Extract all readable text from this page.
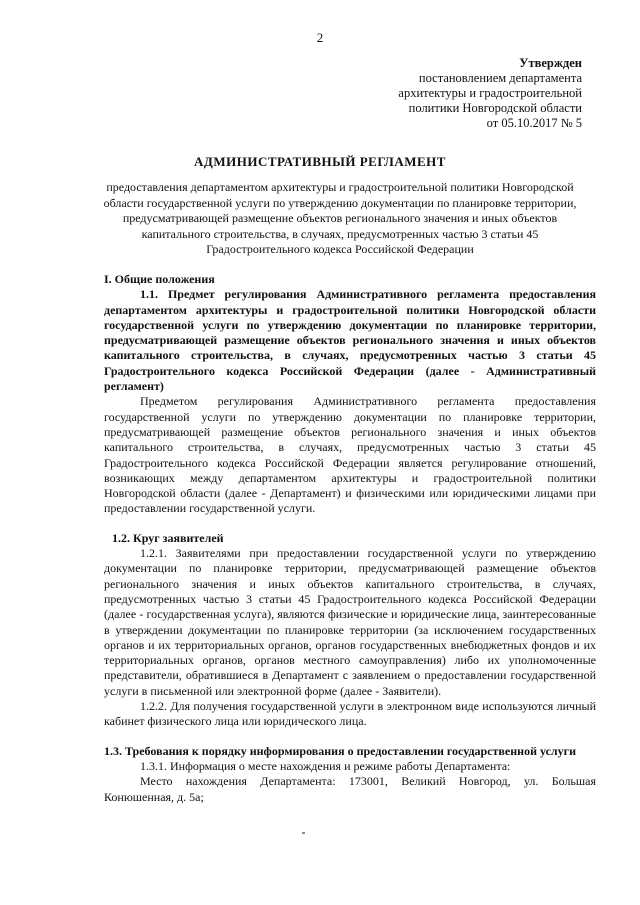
2
Утвержден
постановлением департамента
архитектуры и градостроительной
политики Новгородской области
от 05.10.2017 № 5
АДМИНИСТРАТИВНЫЙ РЕГЛАМЕНТ
предоставления департаментом архитектуры и градостроительной политики Новгородской области государственной услуги по утверждению документации по планировке территории, предусматривающей размещение объектов регионального значения и иных объектов капитального строительства, в случаях, предусмотренных частью 3 статьи 45 Градостроительного кодекса Российской Федерации

I. Общие положения

1.1. Предмет регулирования Административного регламента предоставления департаментом архитектуры и градостроительной политики Новгородской области государственной услуги по утверждению документации по планировке территории, предусматривающей размещение объектов регионального значения и иных объектов капитального строительства, в случаях, предусмотренных частью 3 статьи 45 Градостроительного кодекса Российской Федерации (далее - Административный регламент)

Предметом регулирования Административного регламента предоставления государственной услуги по утверждению документации по планировке территории, предусматривающей размещение объектов регионального значения и иных объектов капитального строительства, в случаях, предусмотренных частью 3 статьи 45 Градостроительного кодекса Российской Федерации является регулирование отношений, возникающих между департаментом архитектуры и градостроительной политики Новгородской области (далее - Департамент) и физическими или юридическими лицами при предоставлении государственной услуги.

1.2. Круг заявителей

1.2.1. Заявителями при предоставлении государственной услуги по утверждению документации по планировке территории, предусматривающей размещение объектов регионального значения и иных объектов капитального строительства, в случаях, предусмотренных частью 3 статьи 45 Градостроительного кодекса Российской Федерации (далее - государственная услуга), являются физические и юридические лица, заинтересованные в утверждении документации по планировке территории (за исключением государственных органов и их территориальных органов, органов государственных внебюджетных фондов и их территориальных органов, органов местного самоуправления) либо их уполномоченные представители, обратившиеся в Департамент с заявлением о предоставлении государственной услуги в письменной или электронной форме (далее - Заявители).

1.2.2. Для получения государственной услуги в электронном виде используются личный кабинет физического лица или юридического лица.

1.3. Требования к порядку информирования о предоставлении государственной услуги

1.3.1. Информация о месте нахождения и режиме работы Департамента:

Место нахождения Департамента: 173001, Великий Новгород, ул. Большая Конюшенная, д. 5а;
